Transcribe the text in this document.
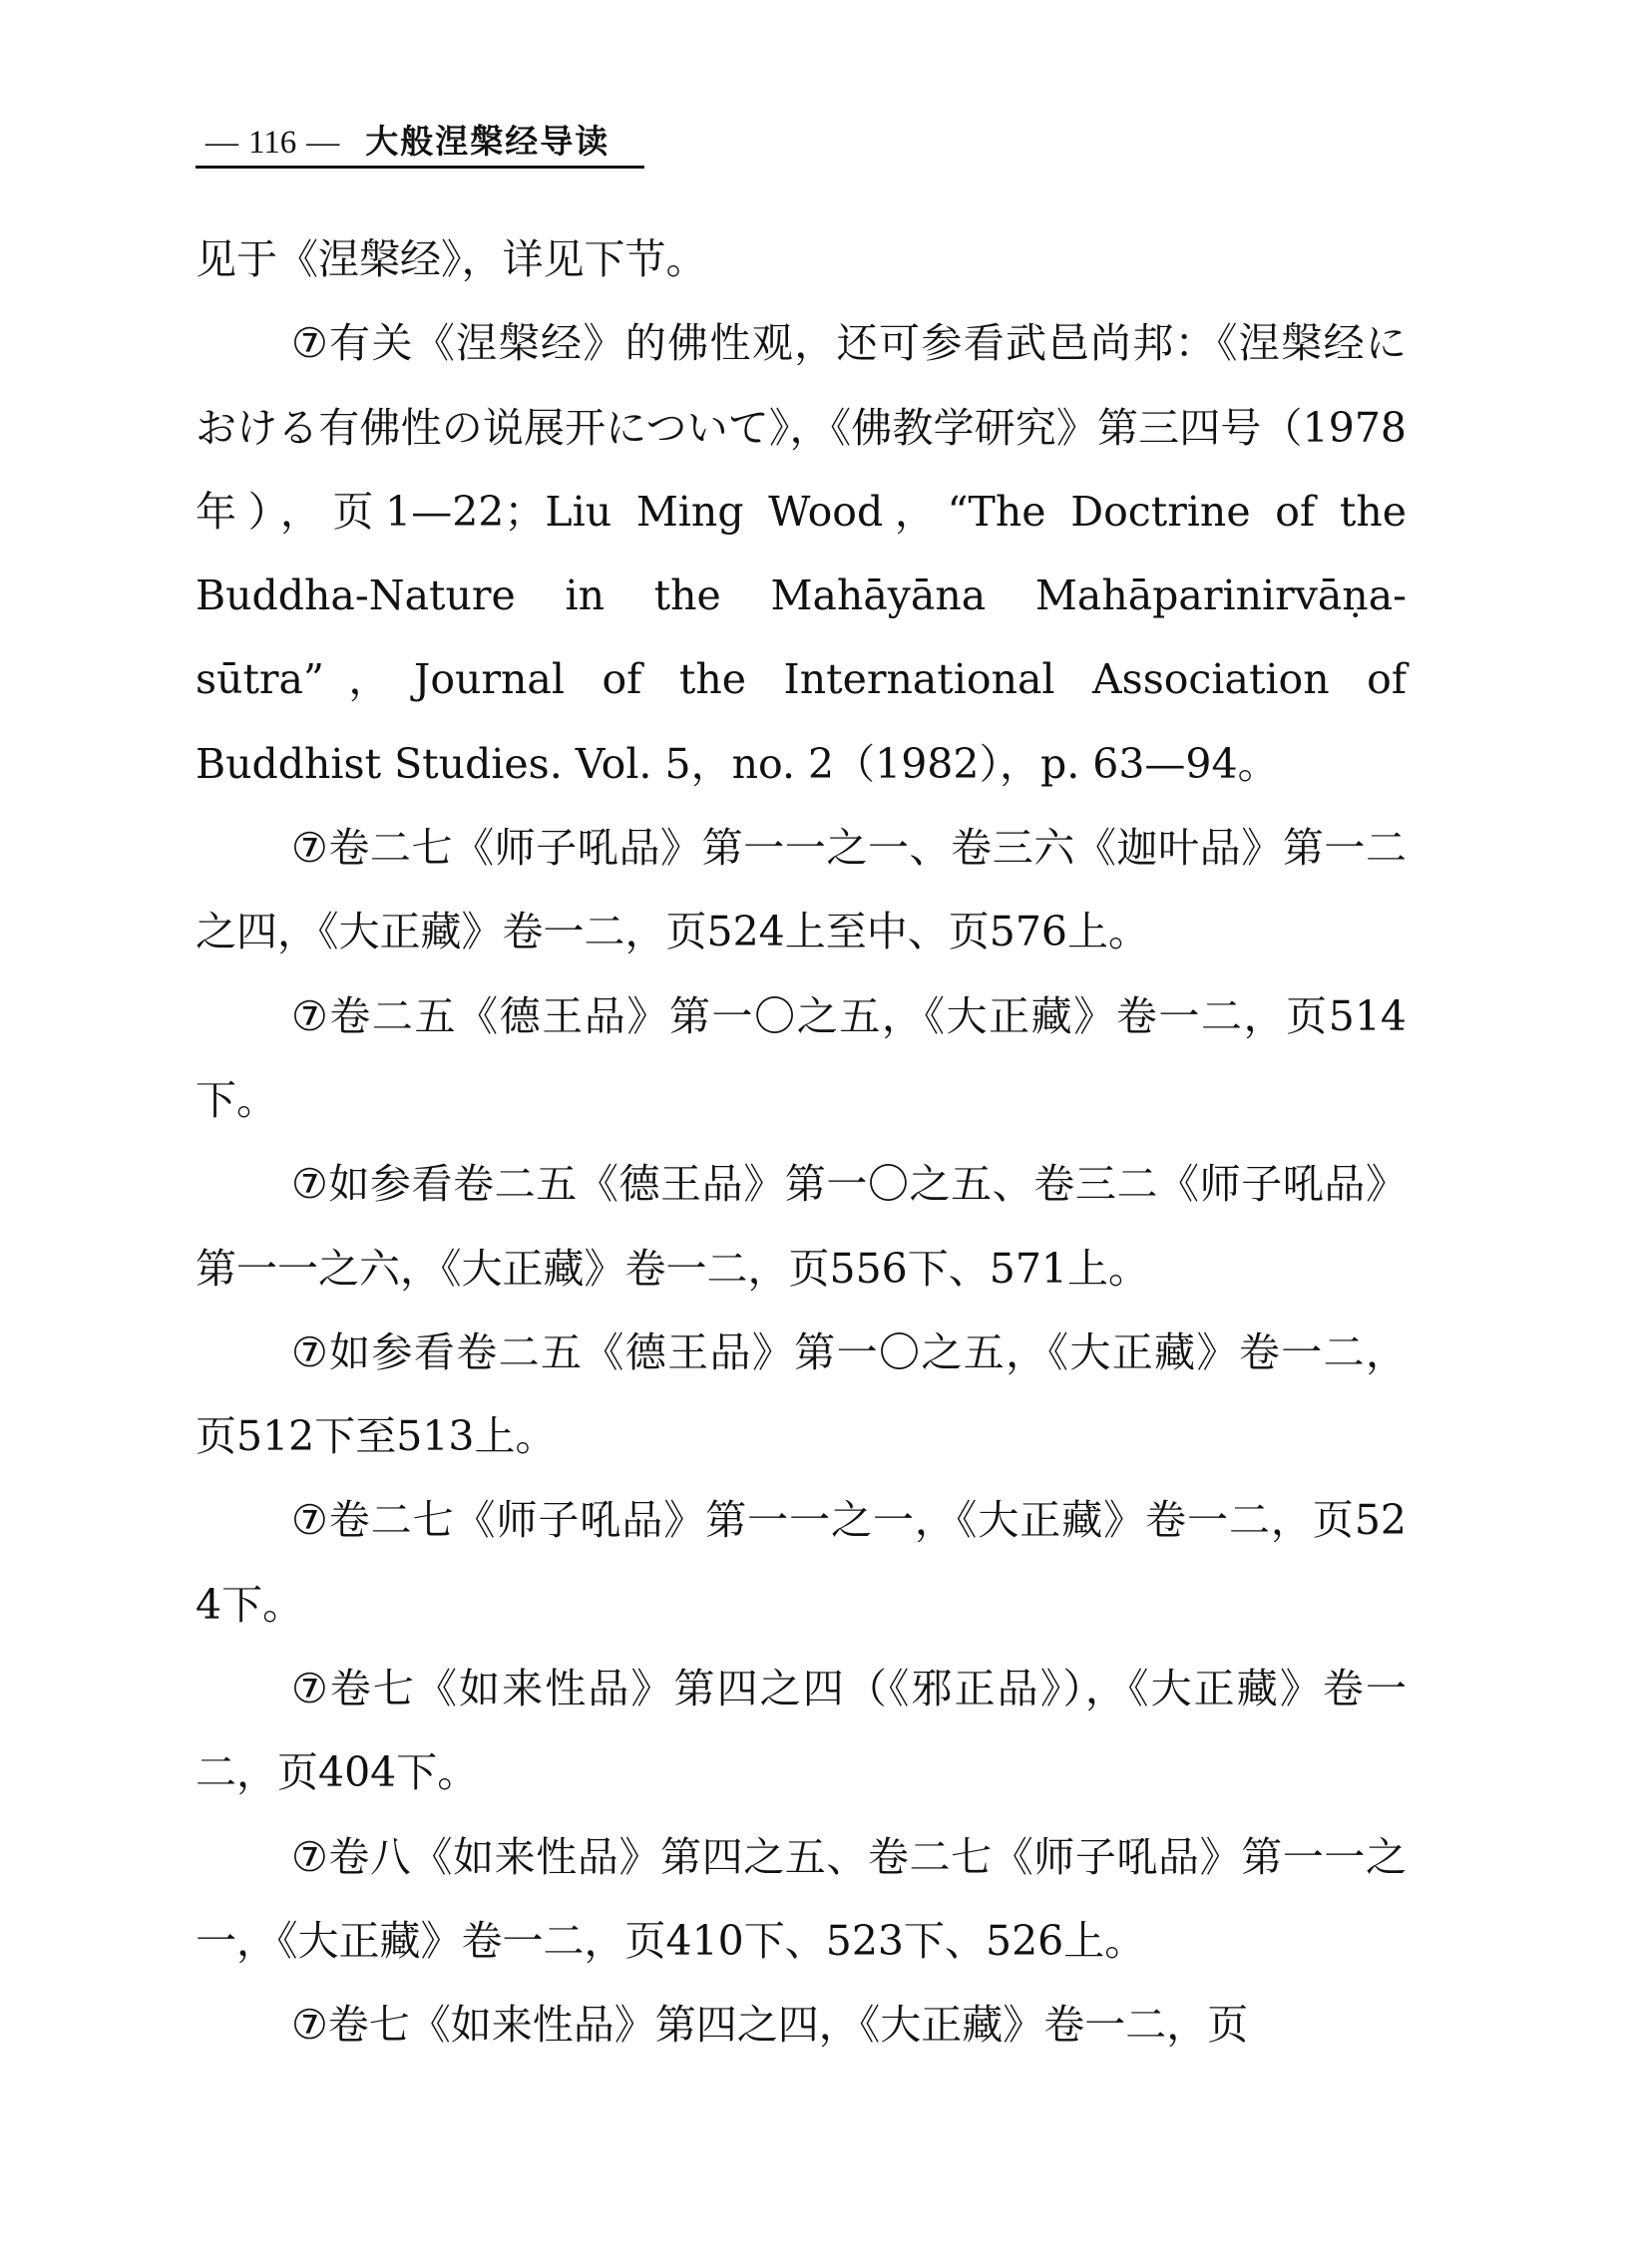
— 116 — 大般涅槃经导读

见于《涅槃经》，详见下节。

⑦有关《涅槃经》的佛性观，还可参看武邑尚邦：《涅槃经における有佛性の说展开について》，《佛教学研究》第三四号（1978年），页1—22；Liu Ming Wood，“The Doctrine of the Buddha-Nature in the Mahāyāna Mahāparinirvāṇa-sūtra”，Journal of the International Association of Buddhist Studies. Vol. 5，no. 2（1982），p. 63—94。

⑦卷二七《师子吼品》第一一之一、卷三六《迦叶品》第一二之四，《大正藏》卷一二，页524上至中、页576上。

⑦卷二五《德王品》第一〇之五，《大正藏》卷一二，页514下。

⑦如参看卷二五《德王品》第一〇之五、卷三二《师子吼品》第一一之六，《大正藏》卷一二，页556下、571上。

⑦如参看卷二五《德王品》第一〇之五，《大正藏》卷一二，页512下至513上。

⑦卷二七《师子吼品》第一一之一，《大正藏》卷一二，页524下。

⑦卷七《如来性品》第四之四（《邪正品》），《大正藏》卷一二，页404下。

⑦卷八《如来性品》第四之五、卷二七《师子吼品》第一一之一，《大正藏》卷一二，页410下、523下、526上。

⑦卷七《如来性品》第四之四，《大正藏》卷一二，页
